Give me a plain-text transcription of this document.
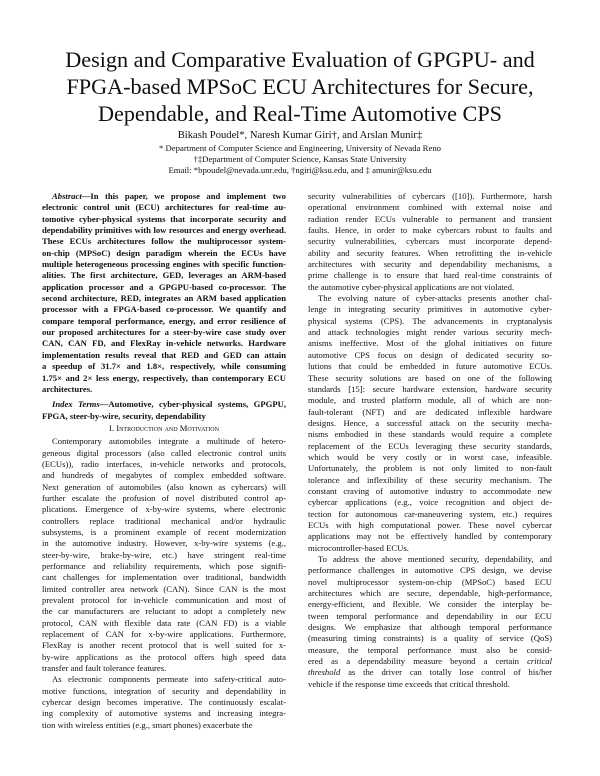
Design and Comparative Evaluation of GPGPU- and
FPGA-based MPSoC ECU Architectures for Secure,
Dependable, and Real-Time Automotive CPS
Bikash Poudel*, Naresh Kumar Giri†, and Arslan Munir‡
* Department of Computer Science and Engineering, University of Nevada Reno
†‡Department of Computer Science, Kansas State University
Email: *bpoudel@nevada.unr.edu, †ngiri@ksu.edu, and ‡ amunir@ksu.edu
Abstract—In this paper, we propose and implement two
electronic control unit (ECU) architectures for real-time au-
tomotive cyber-physical systems that incorporate security and
dependability primitives with low resources and energy overhead.
These ECUs architectures follow the multiprocessor system-
on-chip (MPSoC) design paradigm wherein the ECUs have
multiple heterogeneous processing engines with specific function-
alities. The first architecture, GED, leverages an ARM-based
application processor and a GPGPU-based co-processor. The
second architecture, RED, integrates an ARM based application
processor with a FPGA-based co-processor. We quantify and
compare temporal performance, energy, and error resilience of
our proposed architectures for a steer-by-wire case study over
CAN, CAN FD, and FlexRay in-vehicle networks. Hardware
implementation results reveal that RED and GED can attain
a speedup of 31.7× and 1.8×, respectively, while consuming
1.75× and 2× less energy, respectively, than contemporary ECU
architectures.
Index Terms—Automotive, cyber-physical systems, GPGPU,
FPGA, steer-by-wire, security, dependability
I. Introduction and Motivation
Contemporary automobiles integrate a multitude of hetero-
geneous digital processors (also called electronic control units
(ECUs)), radio interfaces, in-vehicle networks and protocols,
and hundreds of megabytes of complex embedded software.
Next generation of automobiles (also known as cybercars) will
further escalate the profusion of novel distributed control ap-
plications. Emergence of x-by-wire systems, where electronic
controllers replace traditional mechanical and/or hydraulic
subsystems, is a prominent example of recent modernization
in the automotive industry. However, x-by-wire systems (e.g.,
steer-by-wire, brake-by-wire, etc.) have stringent real-time
performance and reliability requirements, which pose signifi-
cant challenges for implementation over traditional, bandwidth
limited controller area network (CAN). Since CAN is the most
prevalent protocol for in-vehicle communication and most of
the car manufacturers are reluctant to adopt a completely new
protocol, CAN with flexible data rate (CAN FD) is a viable
replacement of CAN for x-by-wire applications. Furthermore,
FlexRay is another recent protocol that is well suited for x-
by-wire applications as the protocol offers high speed data
transfer and fault tolerance features.
As electronic components permeate into safety-critical auto-
motive functions, integration of security and dependability in
cybercar design becomes imperative. The continuously escalat-
ing complexity of automotive systems and increasing integra-
tion with wireless entities (e.g., smart phones) exacerbate the
security vulnerabilities of cybercars ([10]). Furthermore, harsh
operational environment combined with external noise and
radiation render ECUs vulnerable to permanent and transient
faults. Hence, in order to make cybercars robust to faults and
security vulnerabilities, cybercars must incorporate depend-
ability and security features. When retrofitting the in-vehicle
architectures with security and dependability mechanisms, a
prime challenge is to ensure that hard real-time constraints of
the automotive cyber-physical applications are not violated.
The evolving nature of cyber-attacks presents another chal-
lenge in integrating security primitives in automotive cyber-
physical systems (CPS). The advancements in cryptanalysis
and attack technologies might render various security mech-
anisms ineffective. Most of the global initiatives on future
automotive CPS focus on design of dedicated security so-
lutions that could be embedded in future automotive ECUs.
These security solutions are based on one of the following
standards [15]: secure hardware extension, hardware security
module, and trusted platform module, all of which are non-
fault-tolerant (NFT) and are dedicated inflexible hardware
designs. Hence, a successful attack on the security mecha-
nisms embodied in these standards would require a complete
replacement of the ECUs leveraging these security standards,
which would be very costly or in worst case, infeasible.
Unfortunately, the problem is not only limited to non-fault
tolerance and inflexibility of these security mechanism. The
constant craving of automotive industry to accommodate new
cybercar applications (e.g., voice recognition and object de-
tection for autonomous car-maneuvering system, etc.) requires
ECUs with high computational power. These novel cybercar
applications may not be effectively handled by contemporary
microcontroller-based ECUs.
To address the above mentioned security, dependability, and
performance challenges in automotive CPS design, we devise
novel multiprocessor system-on-chip (MPSoC) based ECU
architectures which are secure, dependable, high-performance,
energy-efficient, and flexible. We consider the interplay be-
tween temporal performance and dependability in our ECU
designs. We emphasize that although temporal performance
(measuring timing constraints) is a quality of service (QoS)
measure, the temporal performance must also be consid-
ered as a dependability measure beyond a certain critical
threshold as the driver can totally lose control of his/her
vehicle if the response time exceeds that critical threshold.
